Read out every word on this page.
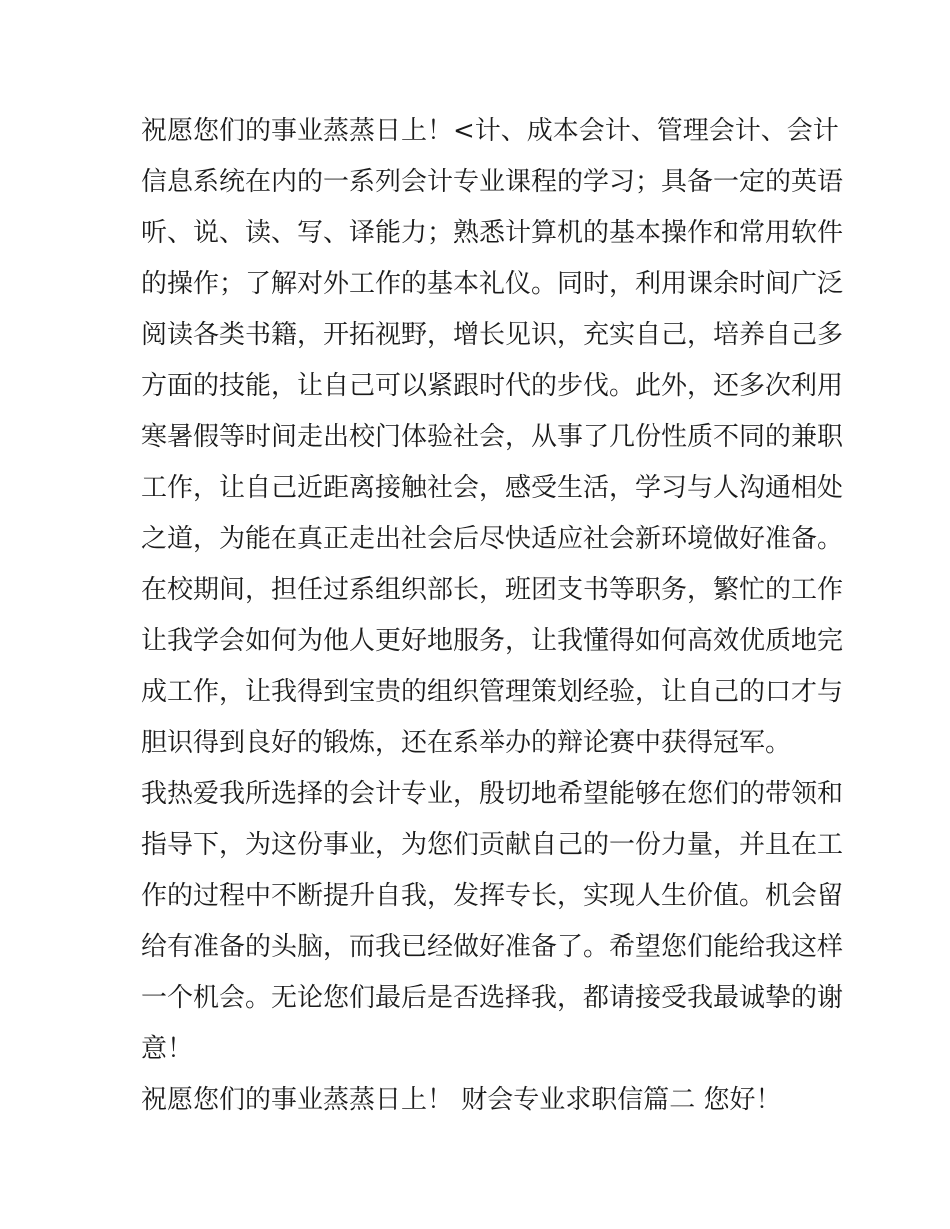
祝愿您们的事业蒸蒸日上！<计、成本会计、管理会计、会计
信息系统在内的一系列会计专业课程的学习；具备一定的英语
听、说、读、写、译能力；熟悉计算机的基本操作和常用软件
的操作；了解对外工作的基本礼仪。同时，利用课余时间广泛
阅读各类书籍，开拓视野，增长见识，充实自己，培养自己多
方面的技能，让自己可以紧跟时代的步伐。此外，还多次利用
寒暑假等时间走出校门体验社会，从事了几份性质不同的兼职
工作，让自己近距离接触社会，感受生活，学习与人沟通相处
之道，为能在真正走出社会后尽快适应社会新环境做好准备。
在校期间，担任过系组织部长，班团支书等职务，繁忙的工作
让我学会如何为他人更好地服务，让我懂得如何高效优质地完
成工作，让我得到宝贵的组织管理策划经验，让自己的口才与
胆识得到良好的锻炼，还在系举办的辩论赛中获得冠军。
我热爱我所选择的会计专业，殷切地希望能够在您们的带领和
指导下，为这份事业，为您们贡献自己的一份力量，并且在工
作的过程中不断提升自我，发挥专长，实现人生价值。机会留
给有准备的头脑，而我已经做好准备了。希望您们能给我这样
一个机会。无论您们最后是否选择我，都请接受我最诚挚的谢
意！
祝愿您们的事业蒸蒸日上！ 财会专业求职信篇二 您好！
